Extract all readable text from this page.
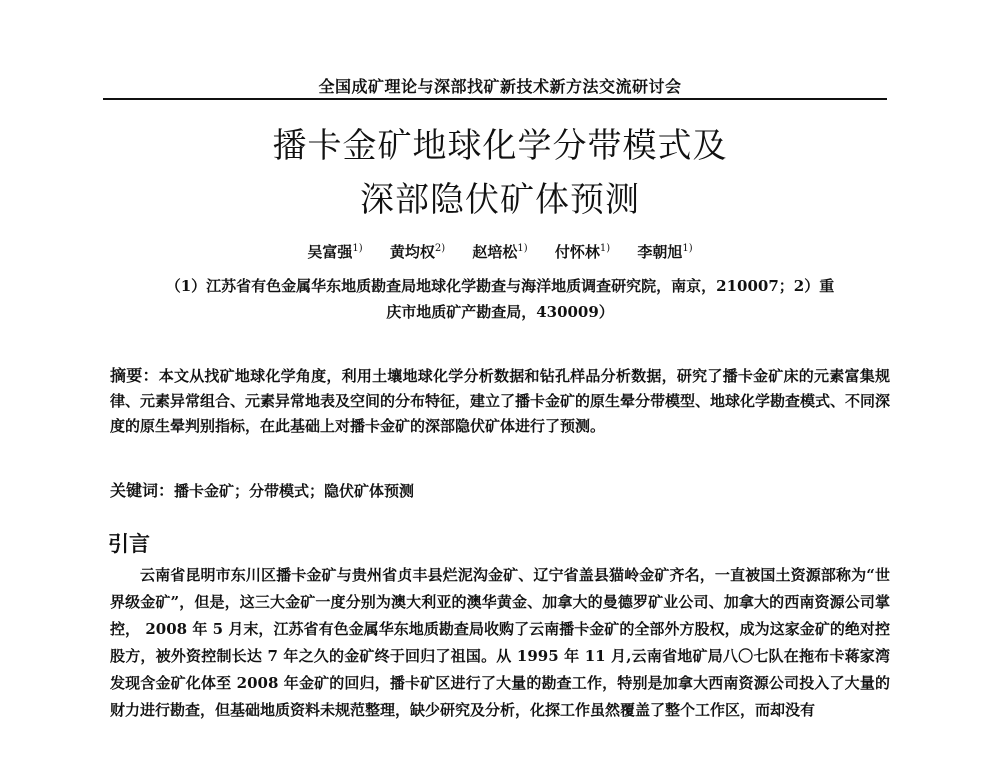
全国成矿理论与深部找矿新技术新方法交流研讨会
播卡金矿地球化学分带模式及
深部隐伏矿体预测
吴富强$^{1)}$ 黄均权$^{2)}$ 赵培松$^{1)}$ 付怀林$^{1)}$ 李朝旭$^{1)}$
（1）江苏省有色金属华东地质勘查局地球化学勘查与海洋地质调查研究院，南京，210007；2）重
庆市地质矿产勘查局，430009）
摘要：本文从找矿地球化学角度，利用土壤地球化学分析数据和钻孔样品分析数据，研究了播卡金矿床的元素富集规律、元素异常组合、元素异常地表及空间的分布特征，建立了播卡金矿的原生晕分带模型、地球化学勘查模式、不同深度的原生晕判别指标，在此基础上对播卡金矿的深部隐伏矿体进行了预测。
关键词：播卡金矿；分带模式；隐伏矿体预测
引言
云南省昆明市东川区播卡金矿与贵州省贞丰县烂泥沟金矿、辽宁省盖县猫岭金矿齐名，一直被国土资源部称为“世界级金矿”，但是，这三大金矿一度分别为澳大利亚的澳华黄金、加拿大的曼德罗矿业公司、加拿大的西南资源公司掌控， 2008 年 5 月末，江苏省有色金属华东地质勘查局收购了云南播卡金矿的全部外方股权，成为这家金矿的绝对控股方，被外资控制长达 7 年之久的金矿终于回归了祖国。从 1995 年 11 月,云南省地矿局八〇七队在拖布卡蒋家湾发现含金矿化体至 2008 年金矿的回归，播卡矿区进行了大量的勘查工作，特别是加拿大西南资源公司投入了大量的财力进行勘查，但基础地质资料未规范整理，缺少研究及分析，化探工作虽然覆盖了整个工作区，而却没有
